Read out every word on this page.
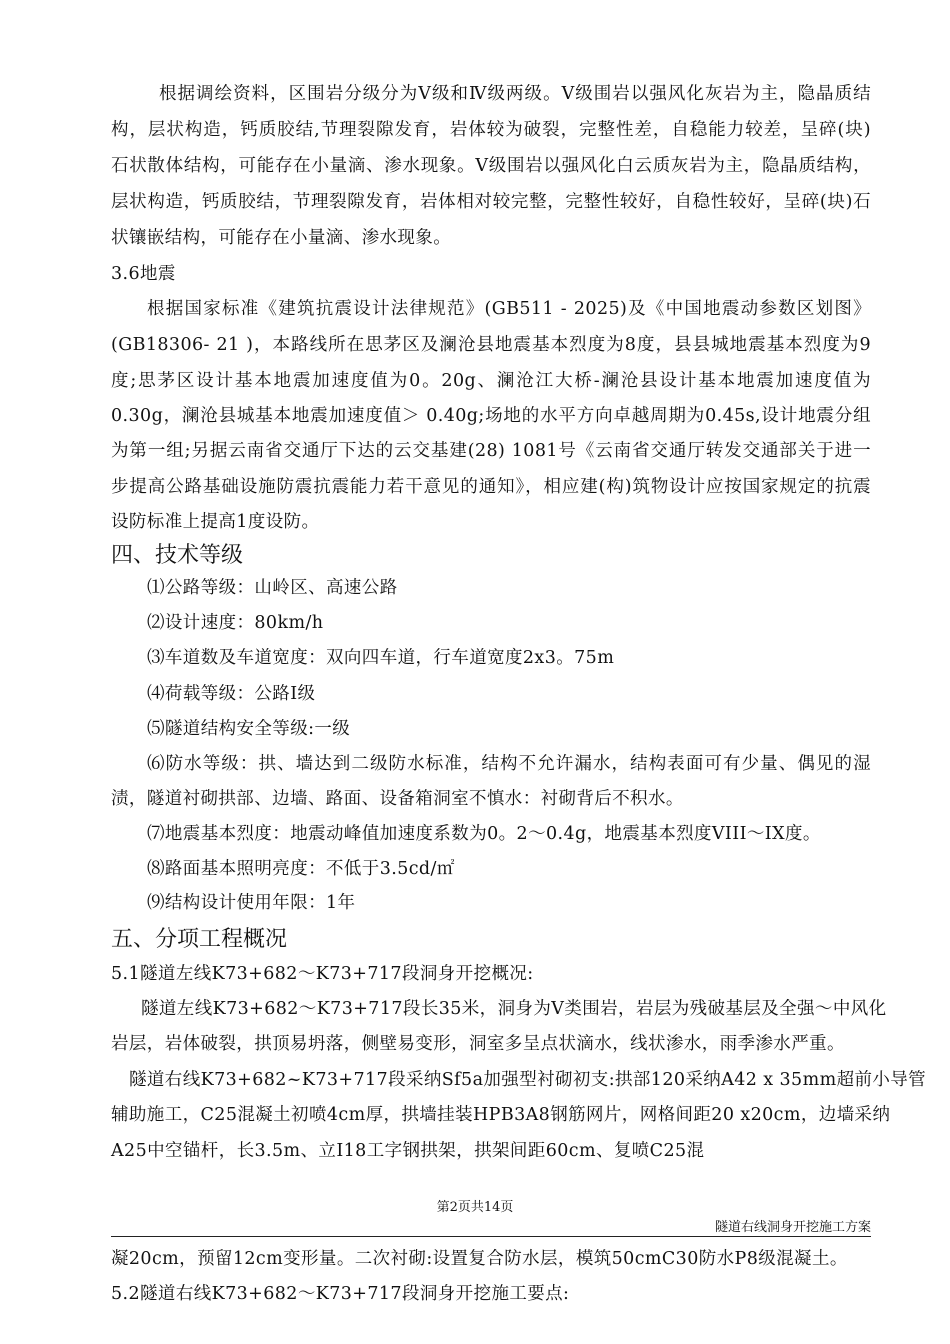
根据调绘资料，区围岩分级分为Ⅴ级和Ⅳ级两级。Ⅴ级围岩以强风化灰岩为主，隐晶质结
构，层状构造，钙质胶结,节理裂隙发育，岩体较为破裂，完整性差，自稳能力较差，呈碎(块)
石状散体结构，可能存在小量滴、渗水现象。Ⅴ级围岩以强风化白云质灰岩为主，隐晶质结构，
层状构造，钙质胶结，节理裂隙发育，岩体相对较完整，完整性较好，自稳性较好，呈碎(块)石
状镶嵌结构，可能存在小量滴、渗水现象。
3.6地震
根据国家标准《建筑抗震设计法律规范》(GB511 - 2025)及《中国地震动参数区划图》
(GB18306- 21 )，本路线所在思茅区及澜沧县地震基本烈度为8度，县县城地震基本烈度为9
度;思茅区设计基本地震加速度值为0。20g、澜沧江大桥-澜沧县设计基本地震加速度值为
0.30g，澜沧县城基本地震加速度值＞ 0.40g;场地的水平方向卓越周期为0.45s,设计地震分组
为第一组;另据云南省交通厅下达的云交基建(28) 1081号《云南省交通厅转发交通部关于进一
步提高公路基础设施防震抗震能力若干意见的通知》，相应建(构)筑物设计应按国家规定的抗震
设防标准上提高1度设防。
四、技术等级
⑴公路等级：山岭区、高速公路
⑵设计速度：80km/h
⑶车道数及车道宽度：双向四车道，行车道宽度2x3。75m
⑷荷载等级：公路Ⅰ级
⑸隧道结构安全等级:一级
⑹防水等级：拱、墙达到二级防水标准，结构不允许漏水，结构表面可有少量、偶见的湿
渍，隧道衬砌拱部、边墙、路面、设备箱洞室不慎水：衬砌背后不积水。
⑺地震基本烈度：地震动峰值加速度系数为0。2〜0.4g，地震基本烈度VIII〜IX度。
⑻路面基本照明亮度：不低于3.5cd/㎡
⑼结构设计使用年限：1年
五、分项工程概况
5.1隧道左线K73+682〜K73+717段洞身开挖概况:
隧道左线K73+682〜K73+717段长35米，洞身为Ⅴ类围岩，岩层为残破基层及全强〜中风化
岩层，岩体破裂，拱顶易坍落，侧壁易变形，洞室多呈点状滴水，线状渗水，雨季渗水严重。
隧道右线K73+682~K73+717段采纳Sf5a加强型衬砌初支:拱部120采纳A42 x 35mm超前小导管
辅助施工，C25混凝土初喷4cm厚，拱墙挂装HPB3A8钢筋网片，网格间距20 x20cm，边墙采纳
A25中空锚杆，长3.5m、立I18工字钢拱架，拱架间距60cm、复喷C25混
第2页共14页
隧道右线洞身开挖施工方案
凝20cm，预留12cm变形量。二次衬砌:设置复合防水层，模筑50cmC30防水P8级混凝土。
5.2隧道右线K73+682〜K73+717段洞身开挖施工要点:
